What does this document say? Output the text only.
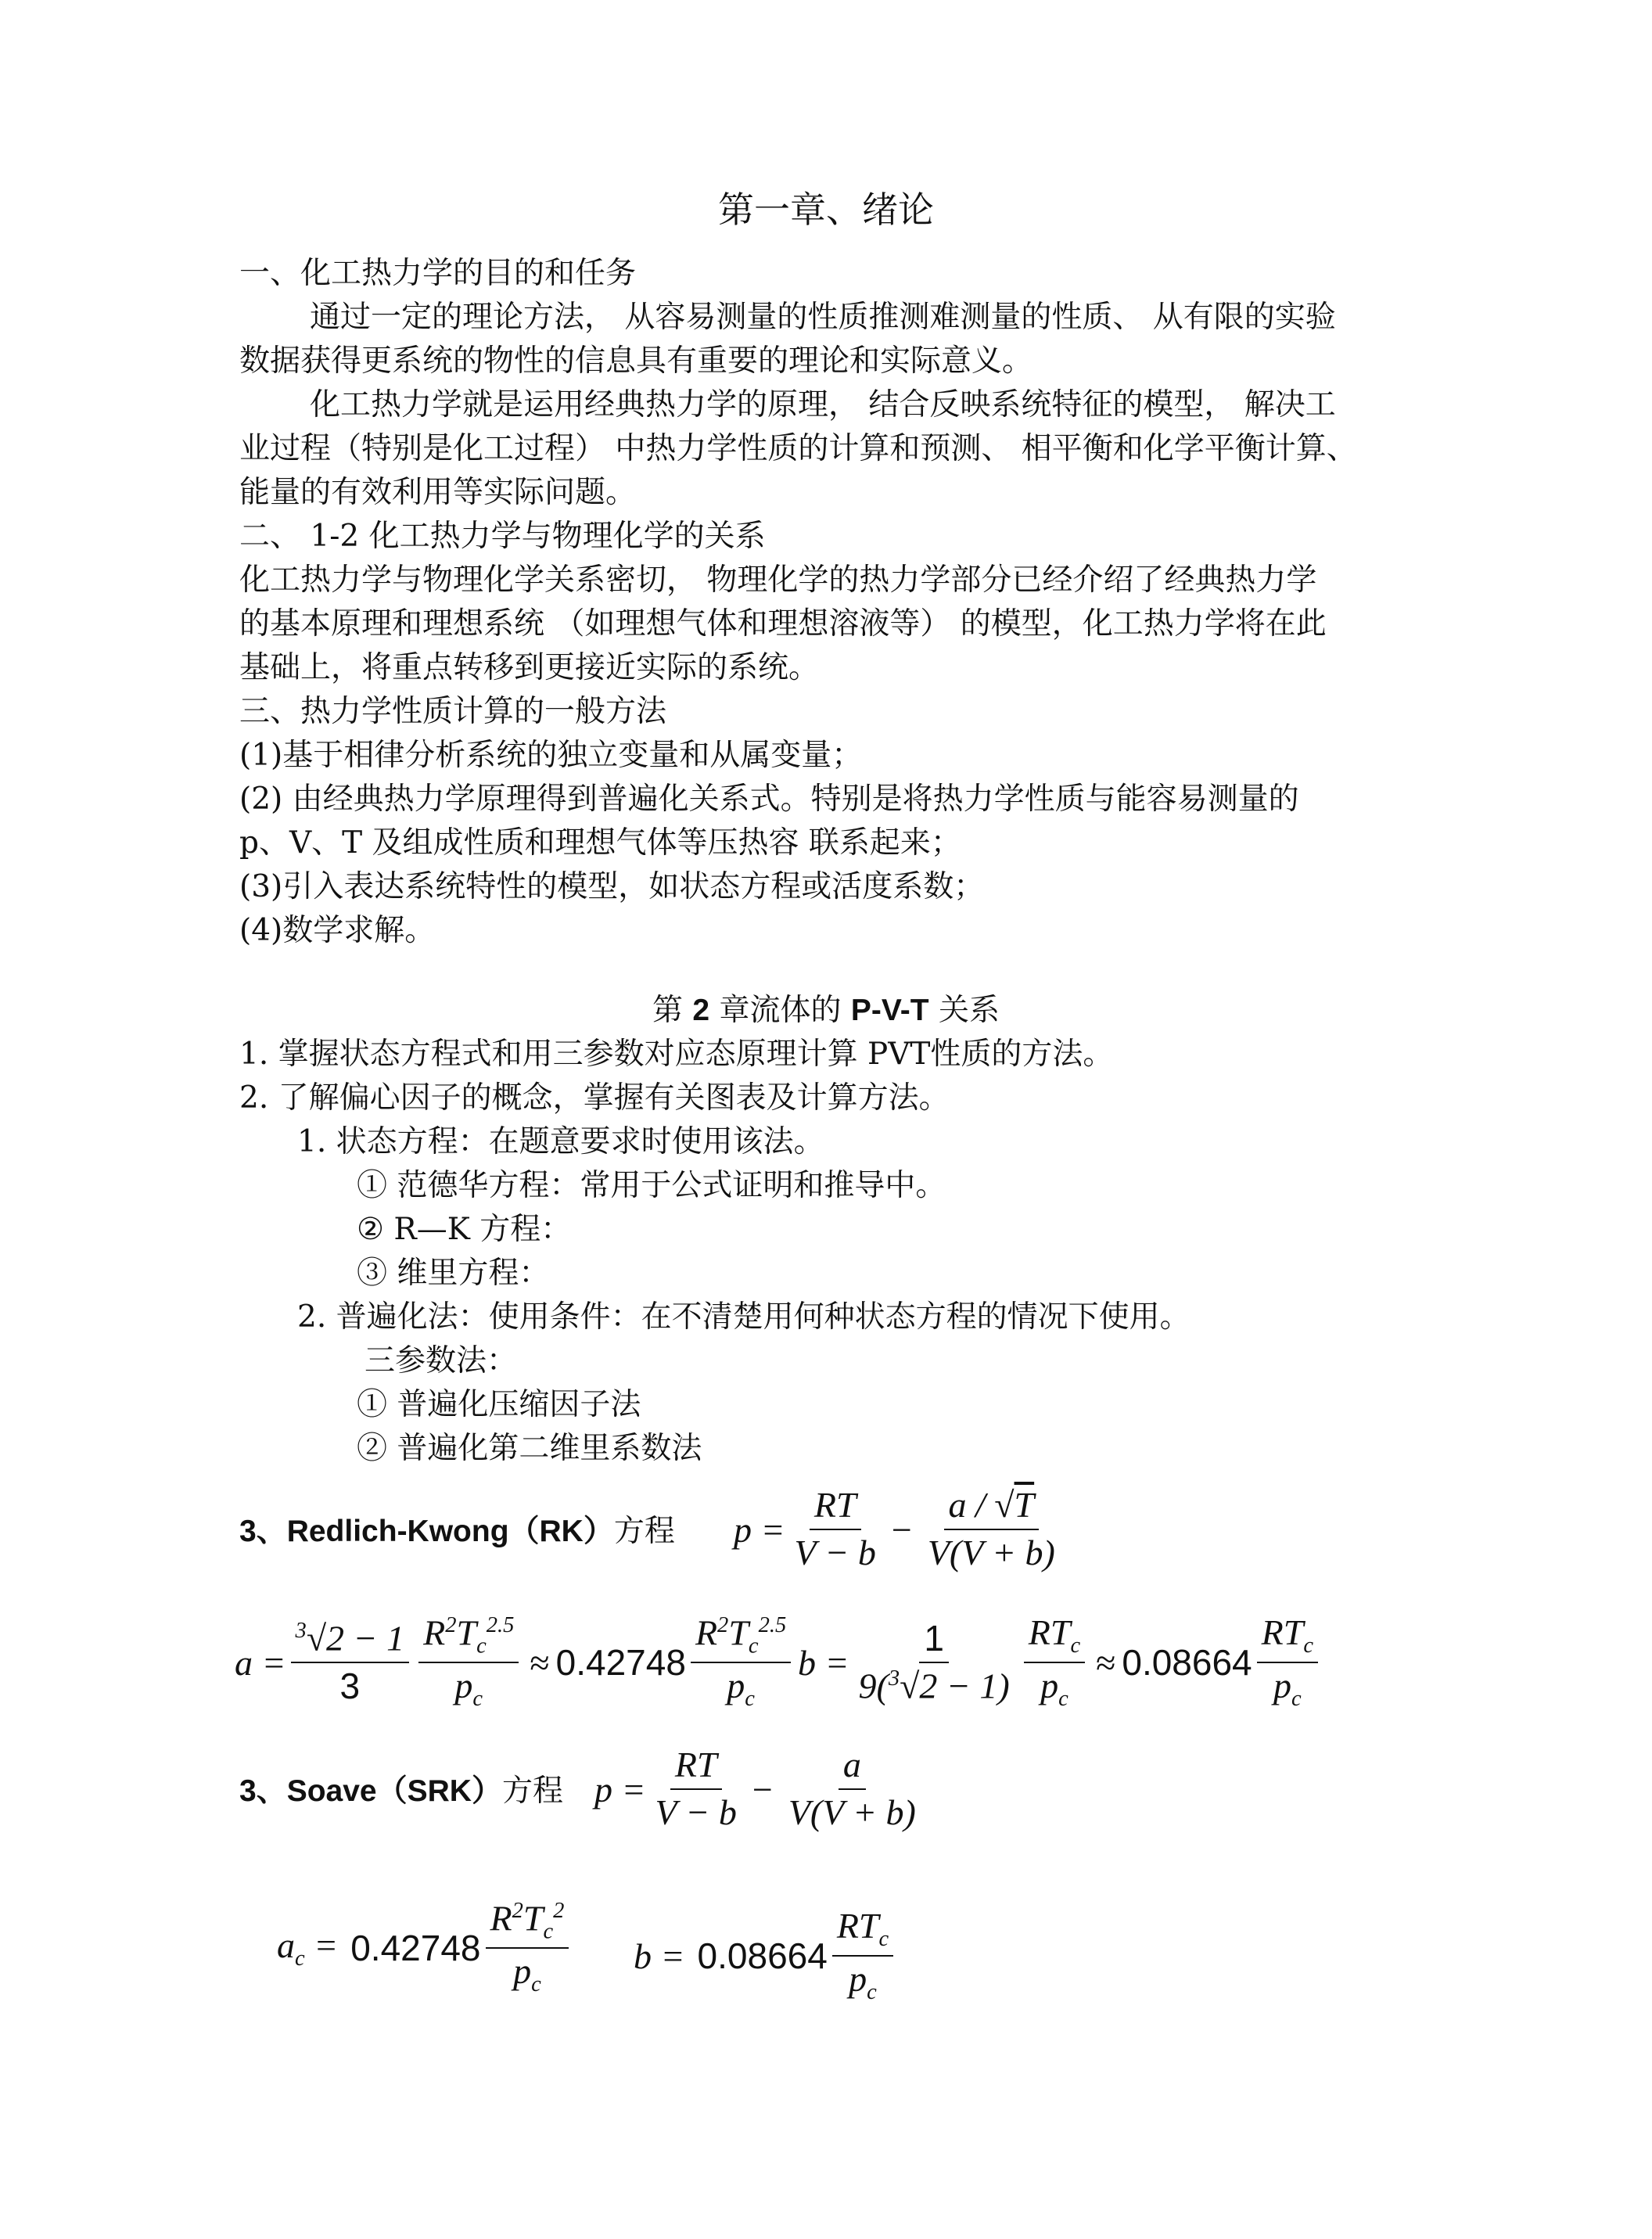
第一章、绪论
一、化工热力学的目的和任务
通过一定的理论方法， 从容易测量的性质推测难测量的性质、 从有限的实验
数据获得更系统的物性的信息具有重要的理论和实际意义。
化工热力学就是运用经典热力学的原理， 结合反映系统特征的模型， 解决工
业过程（特别是化工过程） 中热力学性质的计算和预测、 相平衡和化学平衡计算、
能量的有效利用等实际问题。
二、 1-2 化工热力学与物理化学的关系
化工热力学与物理化学关系密切， 物理化学的热力学部分已经介绍了经典热力学
的基本原理和理想系统 （如理想气体和理想溶液等） 的模型，化工热力学将在此
基础上，将重点转移到更接近实际的系统。
三、热力学性质计算的一般方法
(1)基于相律分析系统的独立变量和从属变量；
(2) 由经典热力学原理得到普遍化关系式。特别是将热力学性质与能容易测量的
p、V、T 及组成性质和理想气体等压热容 联系起来；
(3)引入表达系统特性的模型，如状态方程或活度系数；
(4)数学求解。
第 2 章流体的 P-V-T 关系
1. 掌握状态方程式和用三参数对应态原理计算 PVT性质的方法。
2. 了解偏心因子的概念，掌握有关图表及计算方法。
1. 状态方程：在题意要求时使用该法。
① 范德华方程：常用于公式证明和推导中。
② R—K 方程：
③ 维里方程：
2. 普遍化法：使用条件：在不清楚用何种状态方程的情况下使用。
三参数法：
① 普遍化压缩因子法
② 普遍化第二维里系数法
3、Redlich-Kwong（RK）方程 $p = \frac{RT}{V - b} - \frac{a / √T}{V(V + b)}$
$a = \frac{^3√2 - 1}{3} \frac{R^2T_c^{2.5}}{p_c} \approx 0.42748 \frac{R^2T_c^{2.5}}{p_c}$ $b = \frac{1}{9(^3√2 - 1)} \frac{RT_c}{p_c} \approx 0.08664 \frac{RT_c}{p_c}$
3、Soave（SRK）方程 $p = \frac{RT}{V - b} - \frac{a}{V(V + b)}$
$a_c = 0.42748 \frac{R^2T_c^2}{p_c}$ $b = 0.08664 \frac{RT_c}{p_c}$
